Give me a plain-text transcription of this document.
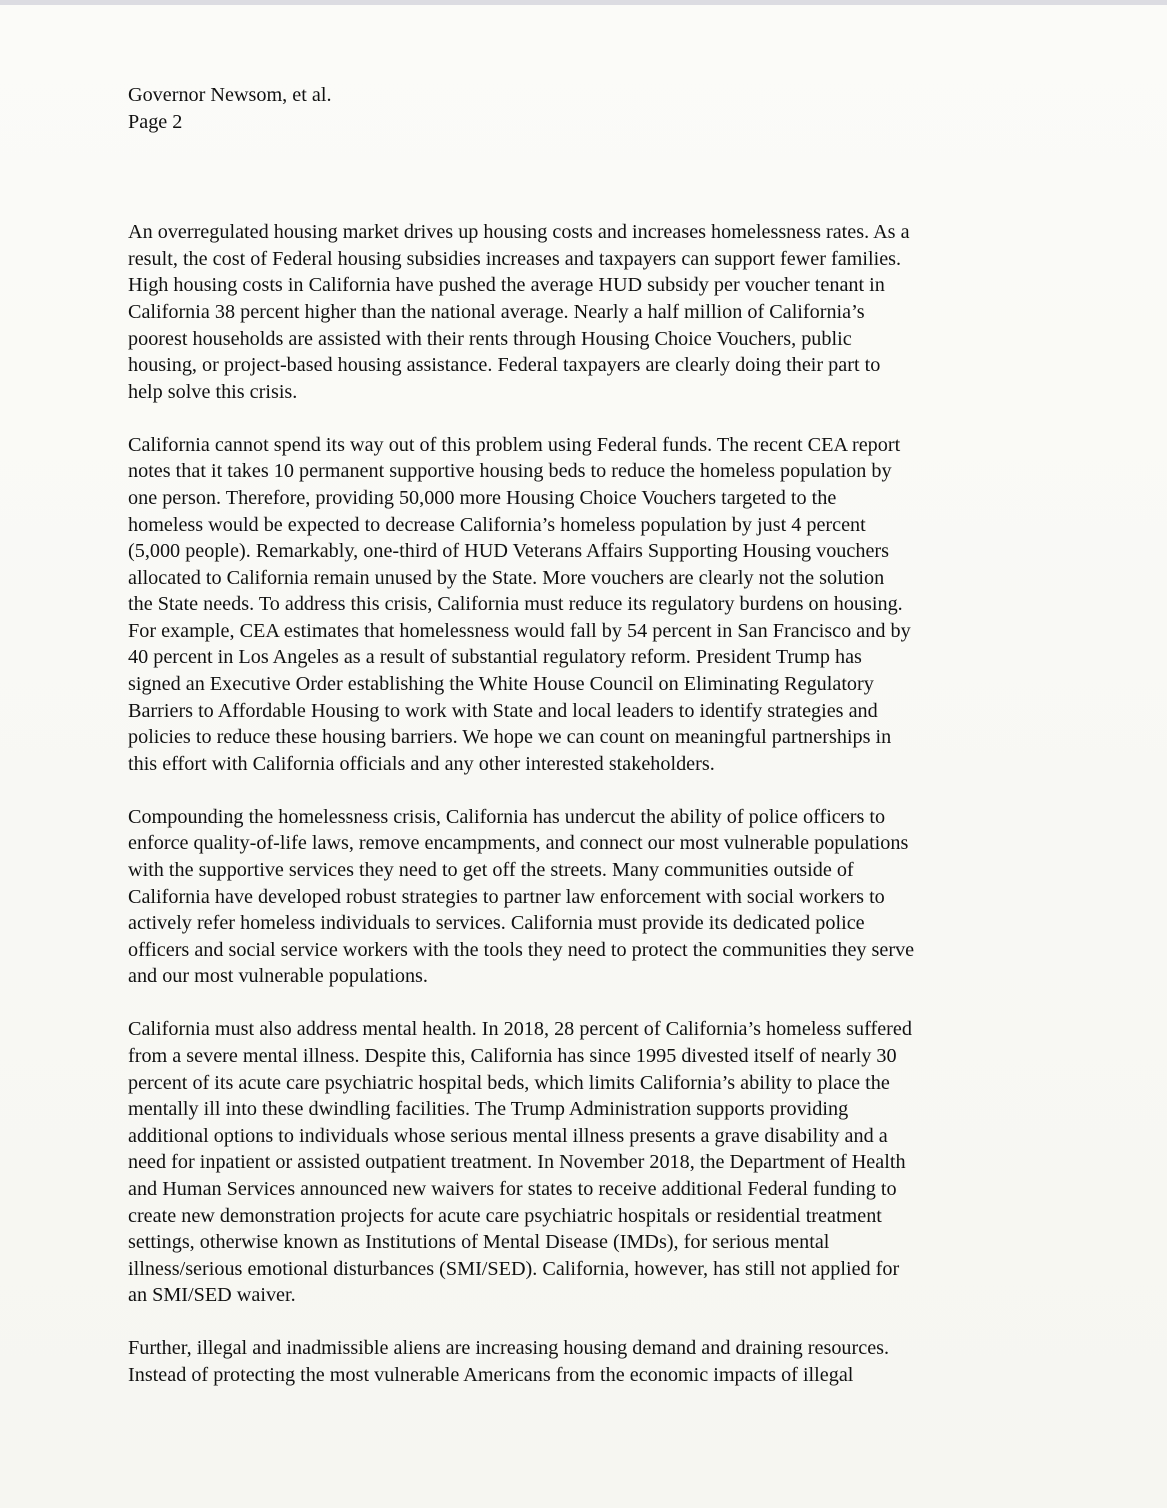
Governor Newsom, et al.

Page 2

An overregulated housing market drives up housing costs and increases homelessness rates. As a
result, the cost of Federal housing subsidies increases and taxpayers can support fewer families.
High housing costs in California have pushed the average HUD subsidy per voucher tenant in
California 38 percent higher than the national average. Nearly a half million of California’s
poorest households are assisted with their rents through Housing Choice Vouchers, public
housing, or project-based housing assistance. Federal taxpayers are clearly doing their part to
help solve this crisis.
California cannot spend its way out of this problem using Federal funds. The recent CEA report
notes that it takes 10 permanent supportive housing beds to reduce the homeless population by
one person. Therefore, providing 50,000 more Housing Choice Vouchers targeted to the
homeless would be expected to decrease California’s homeless population by just 4 percent
(5,000 people). Remarkably, one-third of HUD Veterans Affairs Supporting Housing vouchers
allocated to California remain unused by the State. More vouchers are clearly not the solution
the State needs. To address this crisis, California must reduce its regulatory burdens on housing.
For example, CEA estimates that homelessness would fall by 54 percent in San Francisco and by
40 percent in Los Angeles as a result of substantial regulatory reform. President Trump has
signed an Executive Order establishing the White House Council on Eliminating Regulatory
Barriers to Affordable Housing to work with State and local leaders to identify strategies and
policies to reduce these housing barriers. We hope we can count on meaningful partnerships in
this effort with California officials and any other interested stakeholders.
Compounding the homelessness crisis, California has undercut the ability of police officers to
enforce quality-of-life laws, remove encampments, and connect our most vulnerable populations
with the supportive services they need to get off the streets. Many communities outside of
California have developed robust strategies to partner law enforcement with social workers to
actively refer homeless individuals to services. California must provide its dedicated police
officers and social service workers with the tools they need to protect the communities they serve
and our most vulnerable populations.
California must also address mental health. In 2018, 28 percent of California’s homeless suffered
from a severe mental illness. Despite this, California has since 1995 divested itself of nearly 30
percent of its acute care psychiatric hospital beds, which limits California’s ability to place the
mentally ill into these dwindling facilities. The Trump Administration supports providing
additional options to individuals whose serious mental illness presents a grave disability and a
need for inpatient or assisted outpatient treatment. In November 2018, the Department of Health
and Human Services announced new waivers for states to receive additional Federal funding to
create new demonstration projects for acute care psychiatric hospitals or residential treatment
settings, otherwise known as Institutions of Mental Disease (IMDs), for serious mental
illness/serious emotional disturbances (SMI/SED). California, however, has still not applied for
an SMI/SED waiver.
Further, illegal and inadmissible aliens are increasing housing demand and draining resources.
Instead of protecting the most vulnerable Americans from the economic impacts of illegal
